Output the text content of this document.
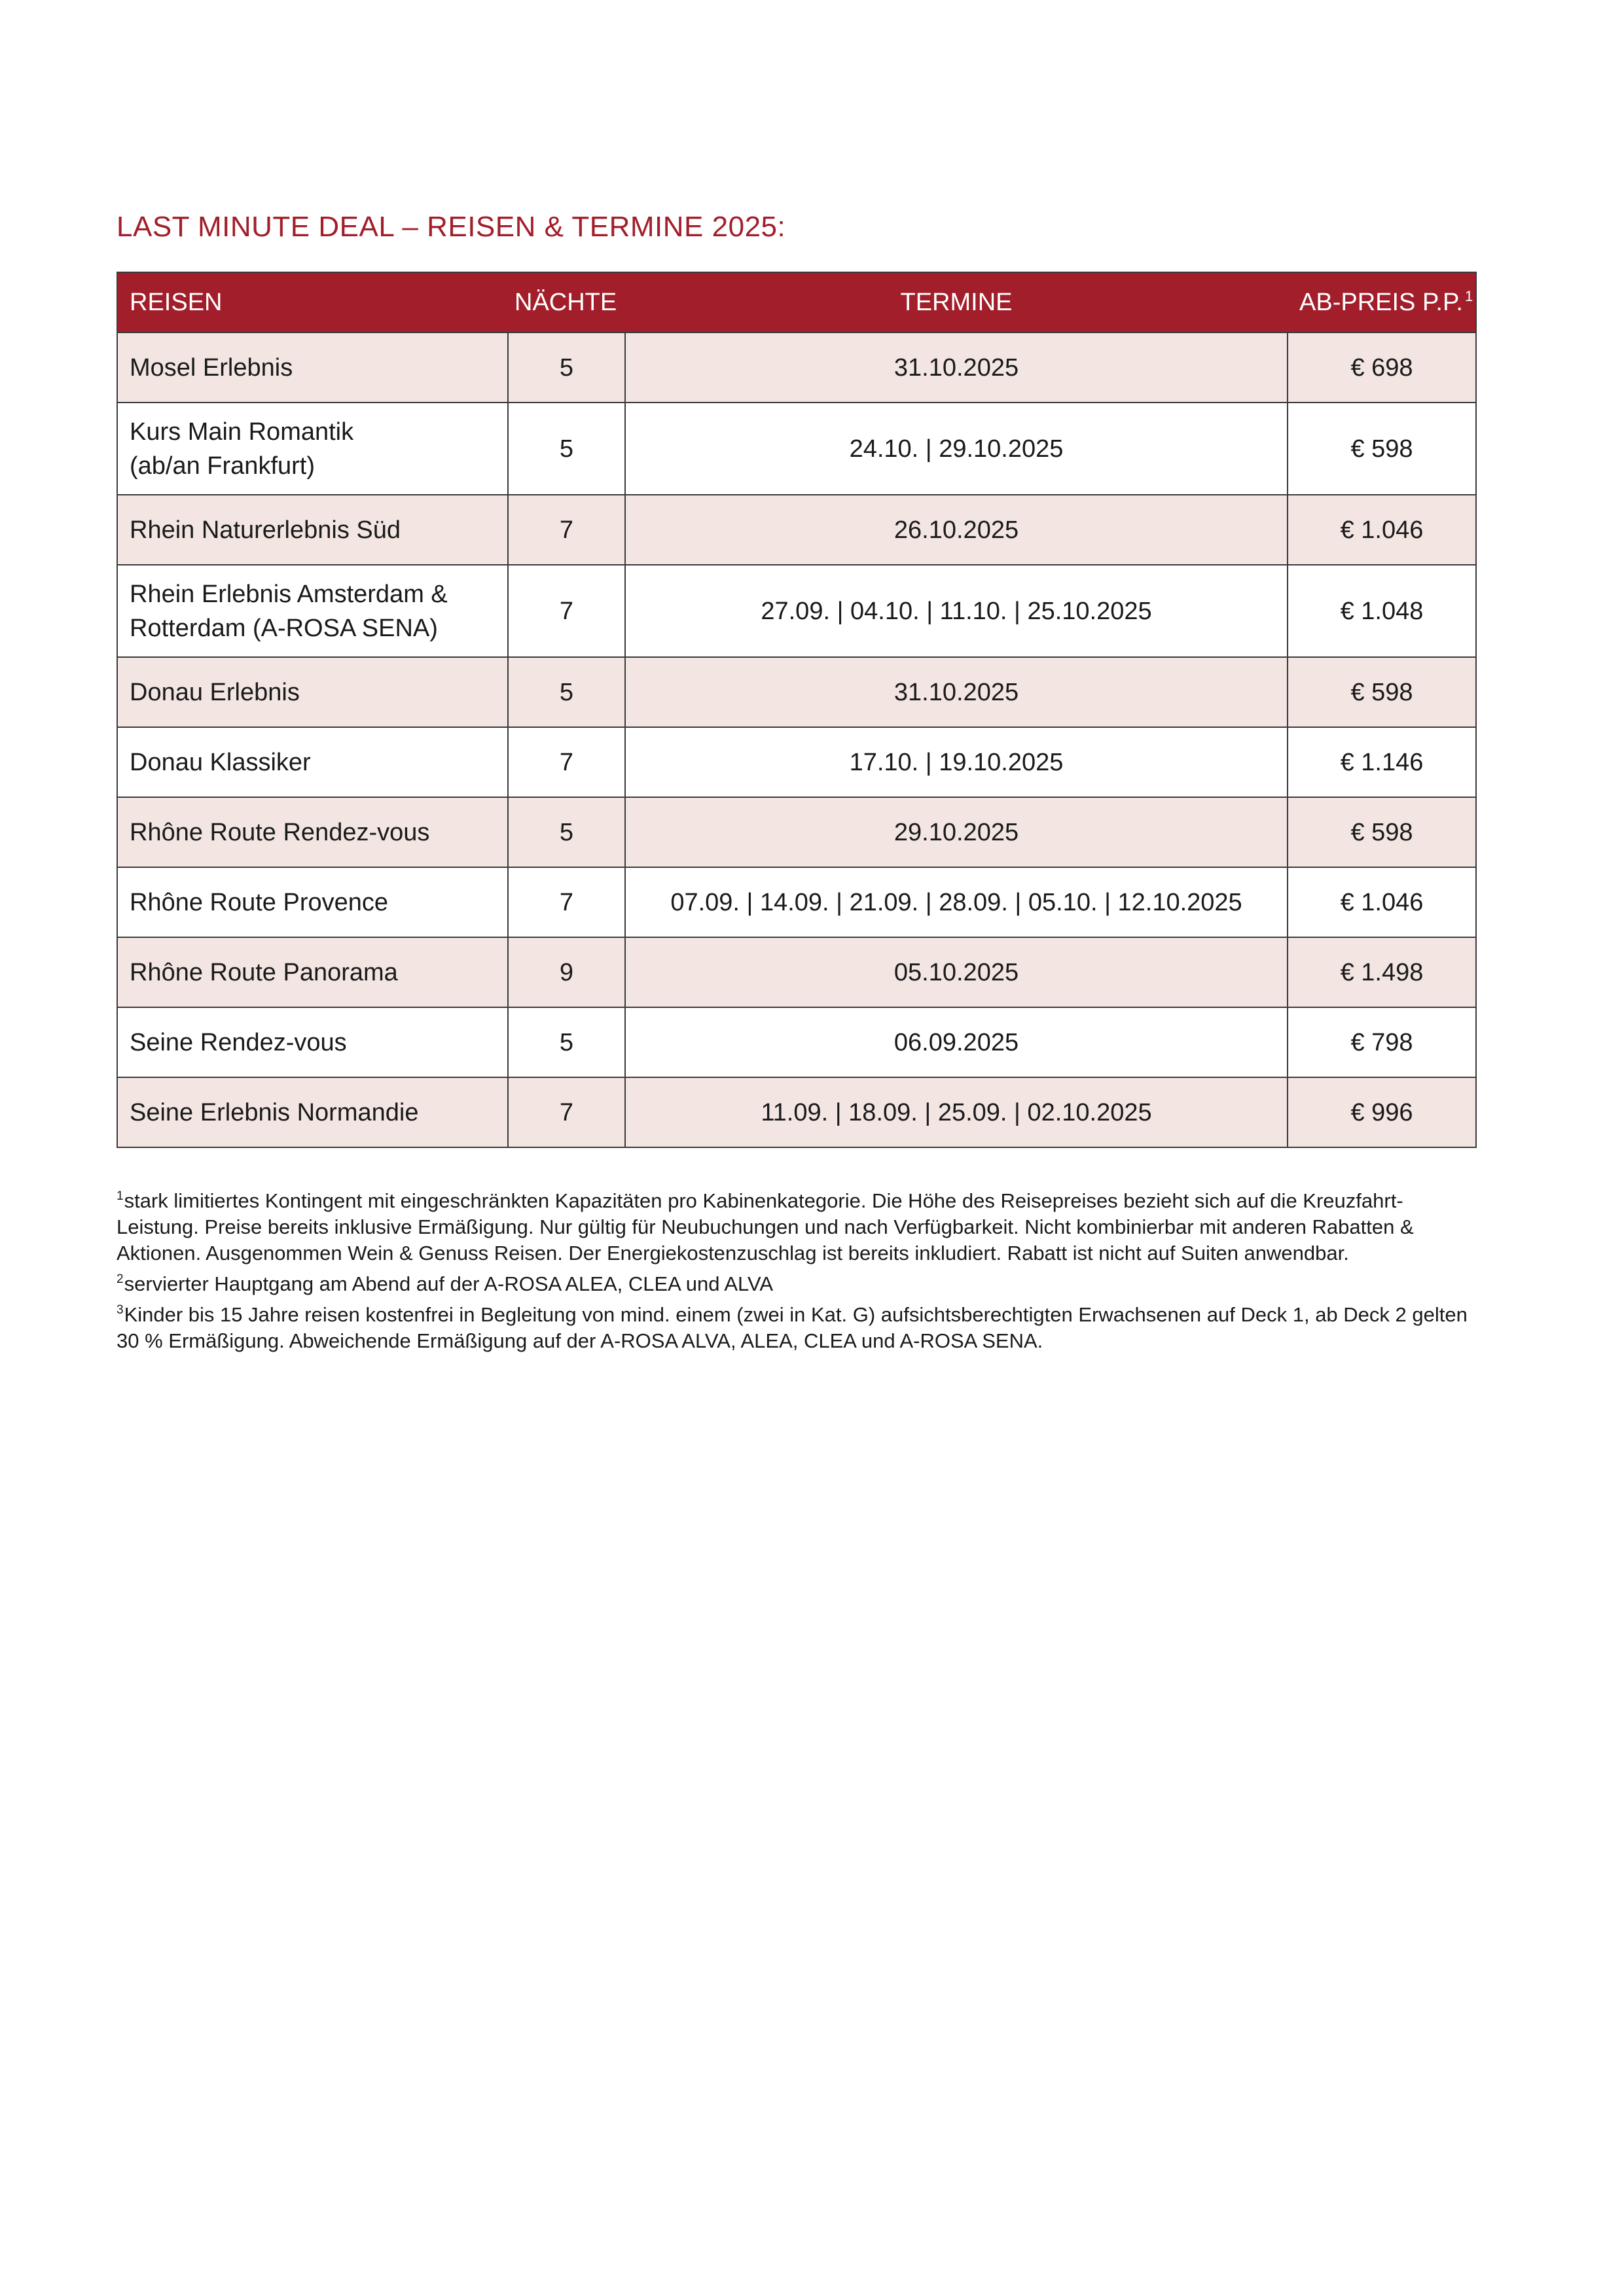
LAST MINUTE DEAL – REISEN & TERMINE 2025:
REISEN	NÄCHTE	TERMINE	AB-PREIS P.P. $^1$
Mosel Erlebnis	5	31.10.2025	€ 698
Kurs Main Romantik
(ab/an Frankfurt)	5	24.10. | 29.10.2025	€ 598
Rhein Naturerlebnis Süd	7	26.10.2025	€ 1.046
Rhein Erlebnis Amsterdam &
Rotterdam (A-ROSA SENA)	7	27.09. | 04.10. | 11.10. | 25.10.2025	€ 1.048
Donau Erlebnis	5	31.10.2025	€ 598
Donau Klassiker	7	17.10. | 19.10.2025	€ 1.146
Rhône Route Rendez-vous	5	29.10.2025	€ 598
Rhône Route Provence	7	07.09. | 14.09. | 21.09. | 28.09. | 05.10. | 12.10.2025	€ 1.046
Rhône Route Panorama	9	05.10.2025	€ 1.498
Seine Rendez-vous	5	06.09.2025	€ 798
Seine Erlebnis Normandie	7	11.09. | 18.09. | 25.09. | 02.10.2025	€ 996

$^1$stark limitiertes Kontingent mit eingeschränkten Kapazitäten pro Kabinenkategorie. Die Höhe des Reisepreises bezieht sich auf die Kreuzfahrt-Leistung. Preise bereits inklusive Ermäßigung. Nur gültig für Neubuchungen und nach Verfügbarkeit. Nicht kombinierbar mit anderen Rabatten & Aktionen. Ausgenommen Wein & Genuss Reisen. Der Energiekostenzuschlag ist bereits inkludiert. Rabatt ist nicht auf Suiten anwendbar.

$^2$servierter Hauptgang am Abend auf der A-ROSA ALEA, CLEA und ALVA

$^3$Kinder bis 15 Jahre reisen kostenfrei in Begleitung von mind. einem (zwei in Kat. G) aufsichtsberechtigten Erwachsenen auf Deck 1, ab Deck 2 gelten 30 % Ermäßigung. Abweichende Ermäßigung auf der A-ROSA ALVA, ALEA, CLEA und A-ROSA SENA.
